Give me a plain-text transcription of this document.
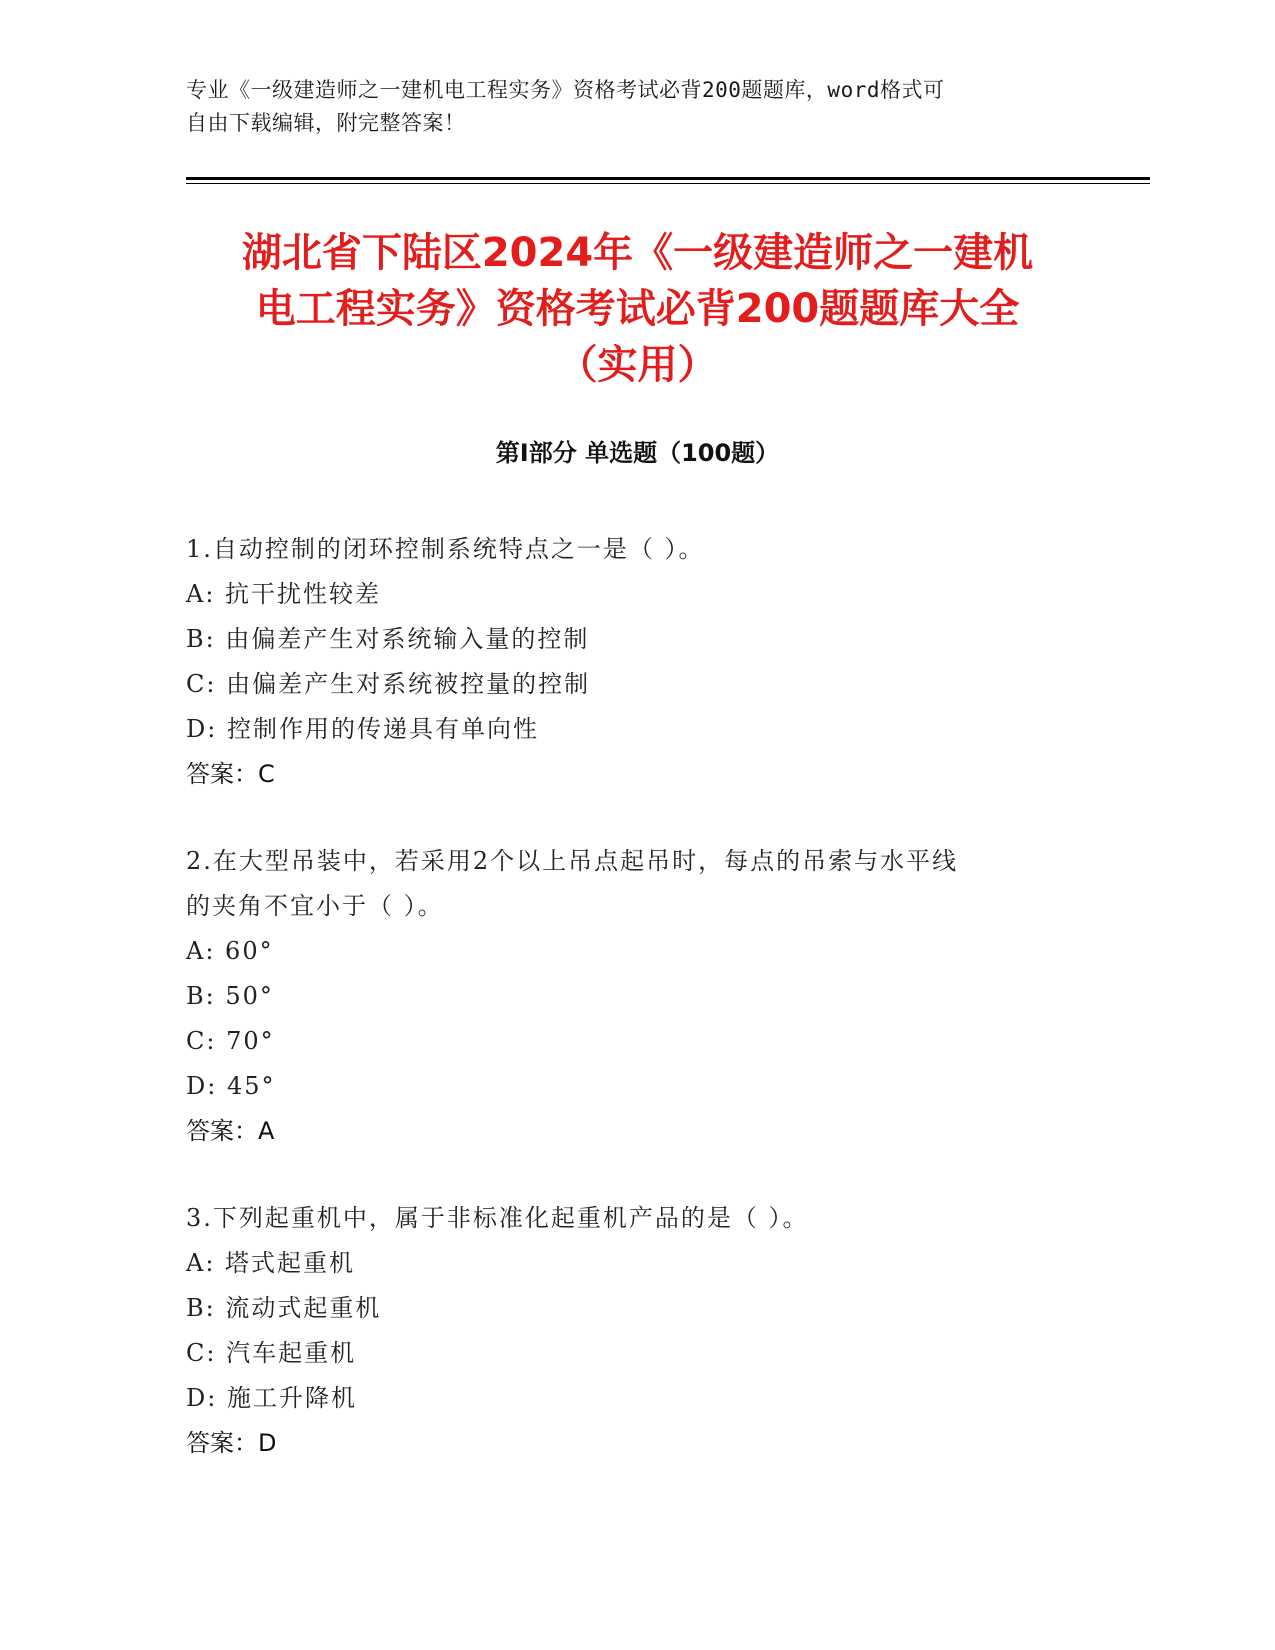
专业《一级建造师之一建机电工程实务》资格考试必背200题题库，word格式可
自由下载编辑，附完整答案！
湖北省下陆区2024年《一级建造师之一建机
电工程实务》资格考试必背200题题库大全
（实用）
第Ⅰ部分 单选题（100题）
1.自动控制的闭环控制系统特点之一是（ ）。
A: 抗干扰性较差
B: 由偏差产生对系统输入量的控制
C: 由偏差产生对系统被控量的控制
D: 控制作用的传递具有单向性
答案：C
2.在大型吊装中，若采用2个以上吊点起吊时，每点的吊索与水平线
的夹角不宜小于（ ）。
A: 60°
B: 50°
C: 70°
D: 45°
答案：A
3.下列起重机中，属于非标准化起重机产品的是（ ）。
A: 塔式起重机
B: 流动式起重机
C: 汽车起重机
D: 施工升降机
答案：D
